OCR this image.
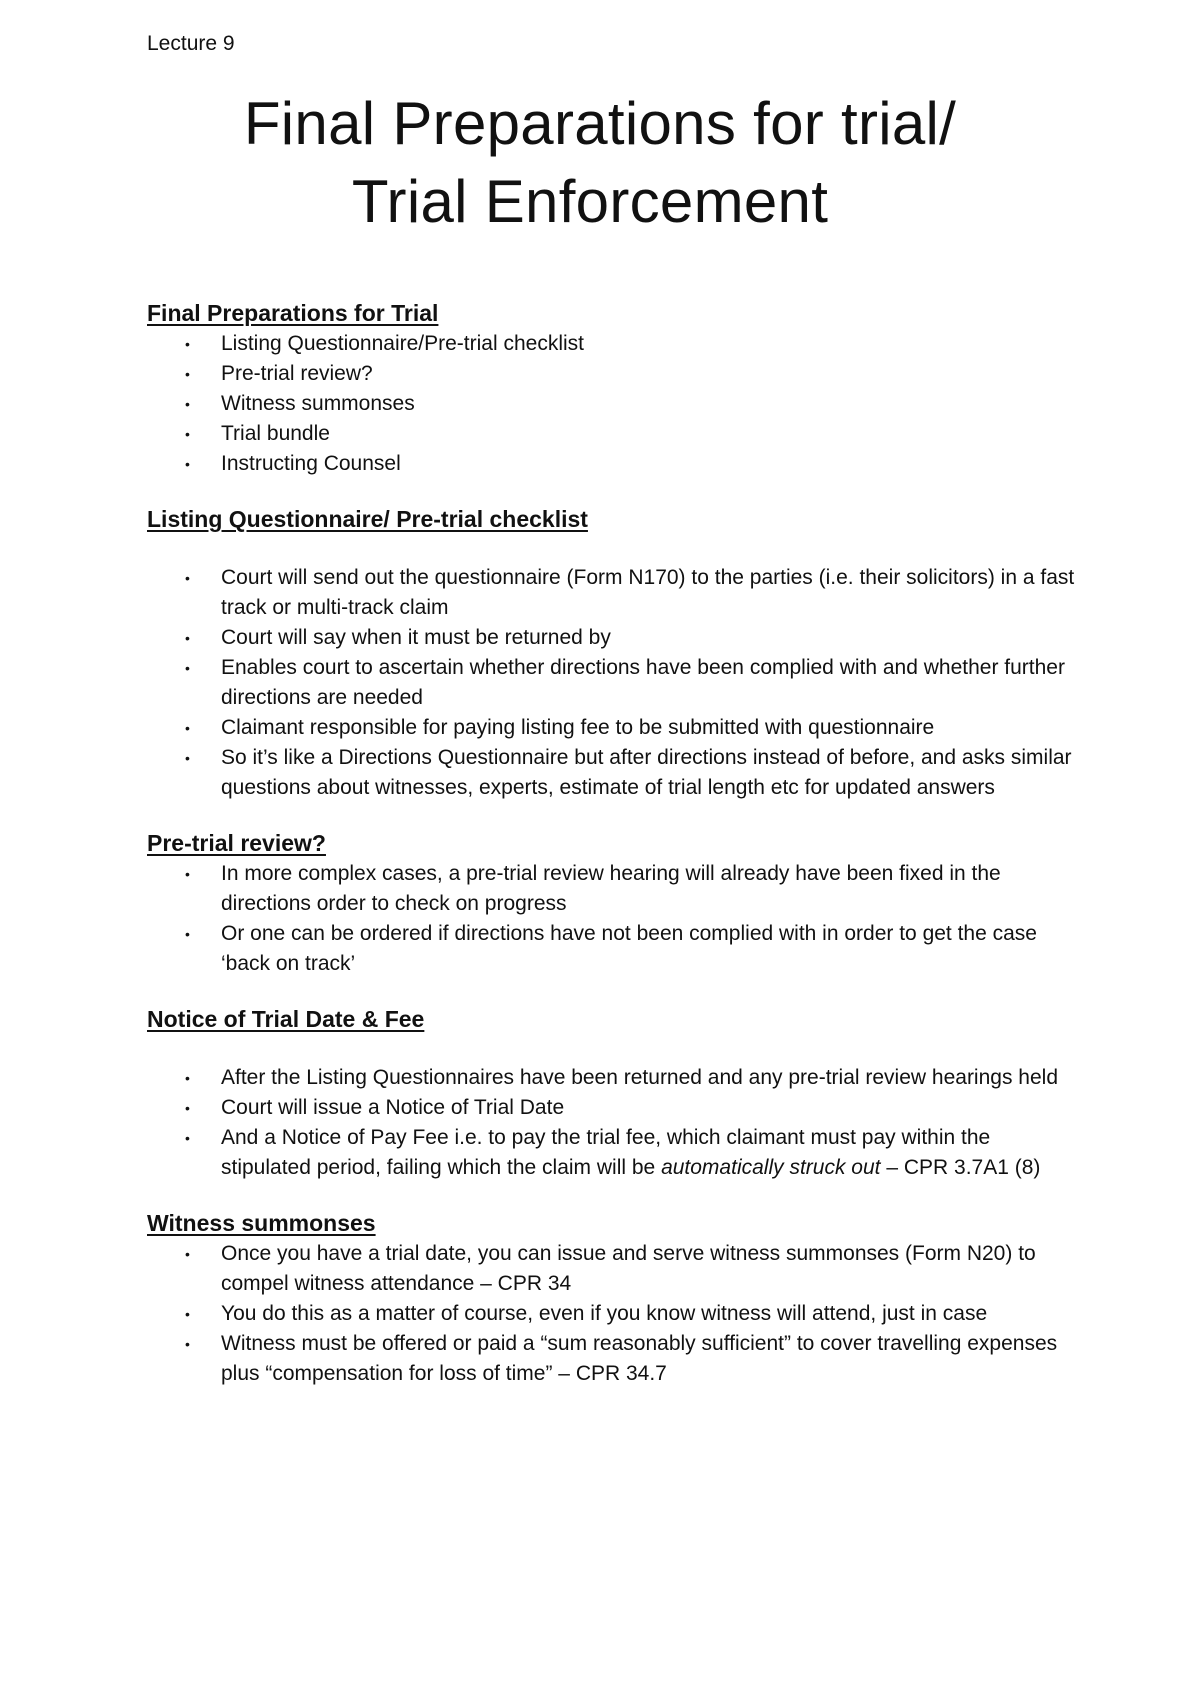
Lecture 9
Final Preparations for trial/
Trial Enforcement
Final Preparations for Trial
• Listing Questionnaire/Pre-trial checklist
• Pre-trial review?
• Witness summonses
• Trial bundle
• Instructing Counsel
Listing Questionnaire/ Pre-trial checklist
• Court will send out the questionnaire (Form N170) to the parties (i.e. their solicitors) in a fast track or multi-track claim
• Court will say when it must be returned by
• Enables court to ascertain whether directions have been complied with and whether further directions are needed
• Claimant responsible for paying listing fee to be submitted with questionnaire
• So it’s like a Directions Questionnaire but after directions instead of before, and asks similar questions about witnesses, experts, estimate of trial length etc for updated answers
Pre-trial review?
• In more complex cases, a pre-trial review hearing will already have been fixed in the directions order to check on progress
• Or one can be ordered if directions have not been complied with in order to get the case ‘back on track’
Notice of Trial Date & Fee
• After the Listing Questionnaires have been returned and any pre-trial review hearings held
• Court will issue a Notice of Trial Date
• And a Notice of Pay Fee i.e. to pay the trial fee, which claimant must pay within the stipulated period, failing which the claim will be automatically struck out – CPR 3.7A1 (8)
Witness summonses
• Once you have a trial date, you can issue and serve witness summonses (Form N20) to compel witness attendance – CPR 34
• You do this as a matter of course, even if you know witness will attend, just in case
• Witness must be offered or paid a “sum reasonably sufficient” to cover travelling expenses plus “compensation for loss of time” – CPR 34.7
